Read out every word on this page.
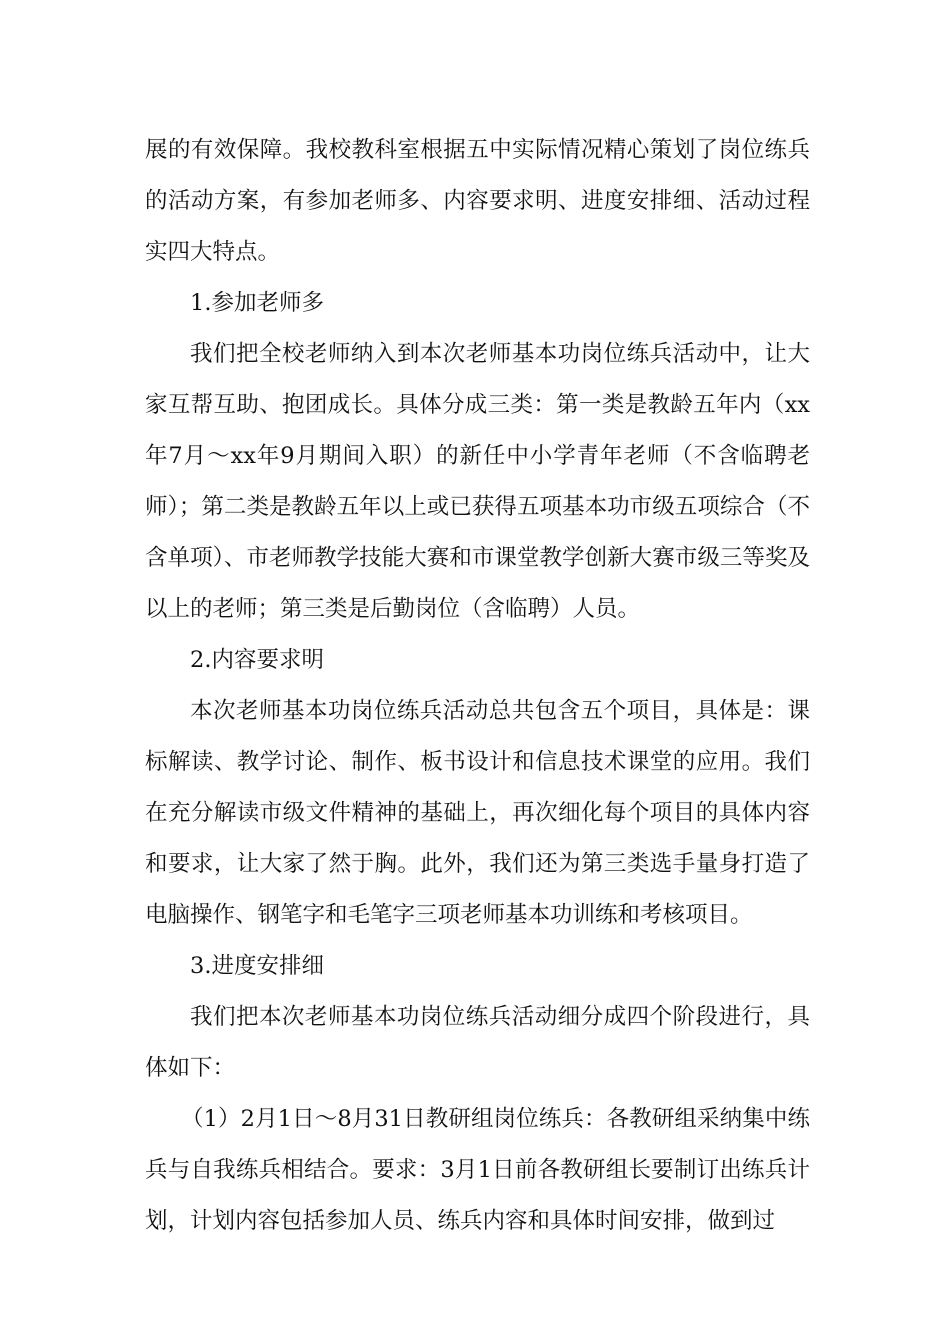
展的有效保障。我校教科室根据五中实际情况精心策划了岗位练兵的活动方案，有参加老师多、内容要求明、进度安排细、活动过程实四大特点。

1.参加老师多

我们把全校老师纳入到本次老师基本功岗位练兵活动中，让大家互帮互助、抱团成长。具体分成三类：第一类是教龄五年内（xx年7月～xx年9月期间入职）的新任中小学青年老师（不含临聘老师）；第二类是教龄五年以上或已获得五项基本功市级五项综合（不含单项）、市老师教学技能大赛和市课堂教学创新大赛市级三等奖及以上的老师；第三类是后勤岗位（含临聘）人员。

2.内容要求明

本次老师基本功岗位练兵活动总共包含五个项目，具体是：课标解读、教学讨论、制作、板书设计和信息技术课堂的应用。我们在充分解读市级文件精神的基础上，再次细化每个项目的具体内容和要求，让大家了然于胸。此外，我们还为第三类选手量身打造了电脑操作、钢笔字和毛笔字三项老师基本功训练和考核项目。

3.进度安排细

我们把本次老师基本功岗位练兵活动细分成四个阶段进行，具体如下：

（1）2月1日～8月31日教研组岗位练兵：各教研组采纳集中练兵与自我练兵相结合。要求：3月1日前各教研组长要制订出练兵计划，计划内容包括参加人员、练兵内容和具体时间安排，做到过
